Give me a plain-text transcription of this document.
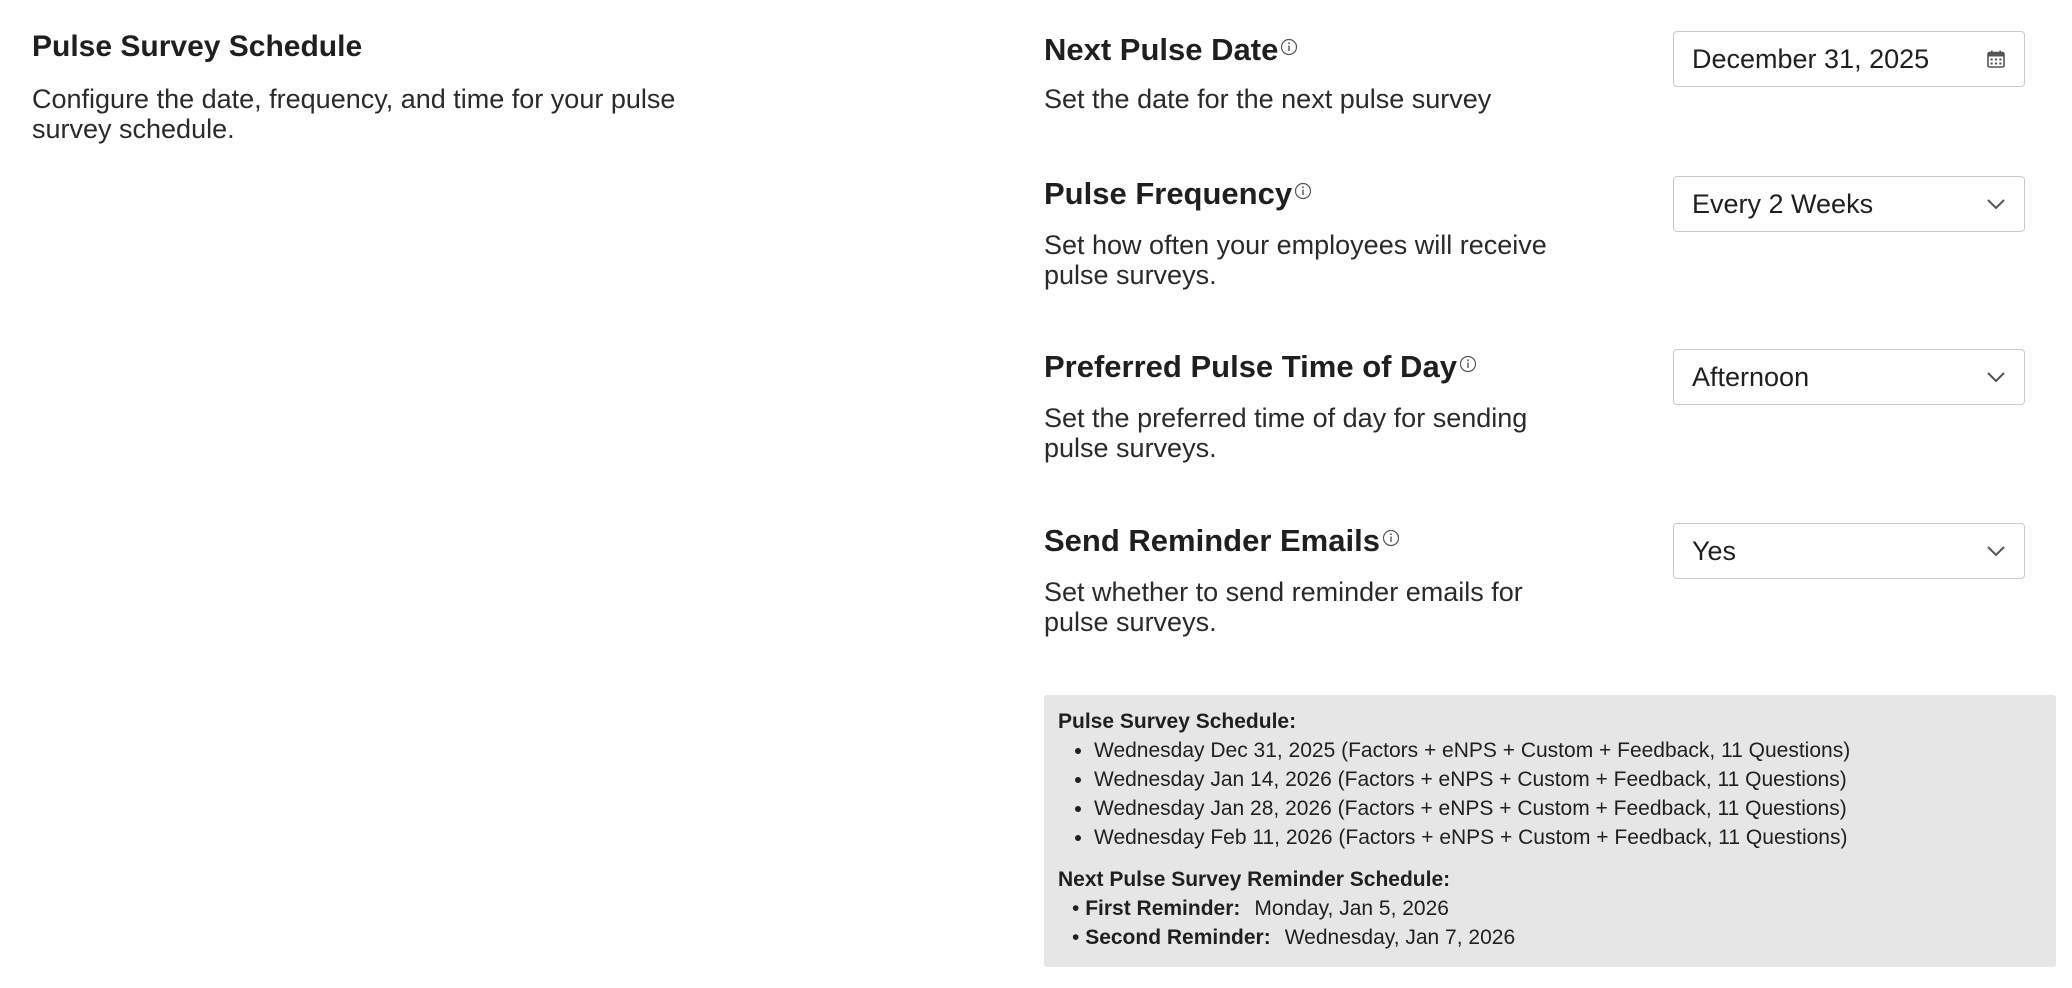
Pulse Survey Schedule

Configure the date, frequency, and time for your pulse survey schedule.

Next Pulse Date

Set the date for the next pulse survey

December 31, 2025
Pulse Frequency

Set how often your employees will receive pulse surveys.

Every 2 Weeks
Preferred Pulse Time of Day

Set the preferred time of day for sending pulse surveys.

Afternoon
Send Reminder Emails

Set whether to send reminder emails for pulse surveys.

Yes
Pulse Survey Schedule:
• Wednesday Dec 31, 2025 (Factors + eNPS + Custom + Feedback, 11 Questions)
• Wednesday Jan 14, 2026 (Factors + eNPS + Custom + Feedback, 11 Questions)
• Wednesday Jan 28, 2026 (Factors + eNPS + Custom + Feedback, 11 Questions)
• Wednesday Feb 11, 2026 (Factors + eNPS + Custom + Feedback, 11 Questions)
Next Pulse Survey Reminder Schedule:
• First Reminder: Monday, Jan 5, 2026
• Second Reminder: Wednesday, Jan 7, 2026
